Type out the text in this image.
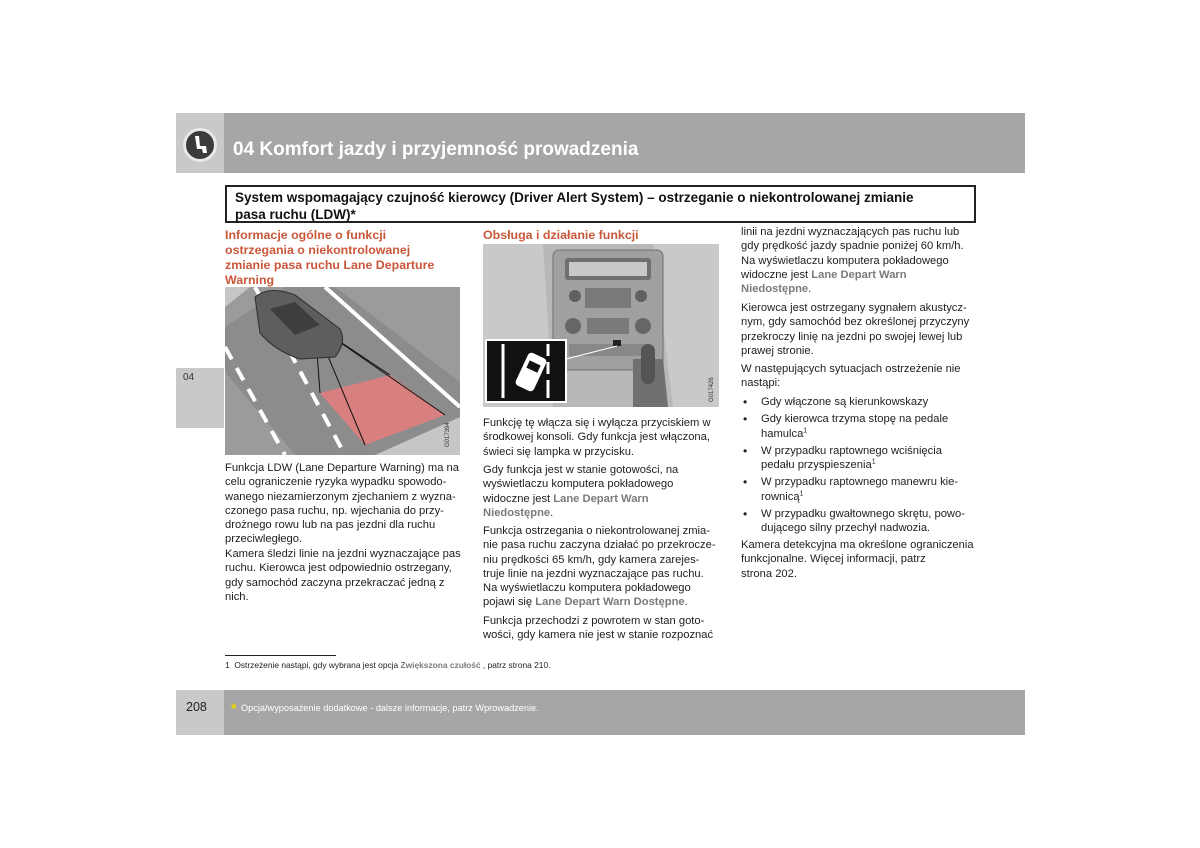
04 Komfort jazdy i przyjemność prowadzenia
04
System wspomagający czujność kierowcy (Driver Alert System) – ostrzeganie o niekontrolowanej zmianie
pasa ruchu (LDW)*
Informacje ogólne o funkcji
ostrzegania o niekontrolowanej
zmianie pasa ruchu Lane Departure
Warning
G017394
Funkcja LDW (Lane Departure Warning) ma na
celu ograniczenie ryzyka wypadku spowodo-
wanego niezamierzonym zjechaniem z wyzna-
czonego pasa ruchu, np. wjechania do przy-
drożnego rowu lub na pas jezdni dla ruchu
przeciwległego.
Kamera śledzi linie na jezdni wyznaczające pas
ruchu. Kierowca jest odpowiednio ostrzegany,
gdy samochód zaczyna przekraczać jedną z
nich.
Obsługa i działanie funkcji
G017426
Funkcję tę włącza się i wyłącza przyciskiem w
środkowej konsoli. Gdy funkcja jest włączona,
świeci się lampka w przycisku.
Gdy funkcja jest w stanie gotowości, na
wyświetlaczu komputera pokładowego
widoczne jest Lane Depart Warn
Niedostępne.
Funkcja ostrzegania o niekontrolowanej zmia-
nie pasa ruchu zaczyna działać po przekrocze-
niu prędkości 65 km/h, gdy kamera zarejes-
truje linie na jezdni wyznaczające pas ruchu.
Na wyświetlaczu komputera pokładowego
pojawi się Lane Depart Warn Dostępne.
Funkcja przechodzi z powrotem w stan goto-
wości, gdy kamera nie jest w stanie rozpoznać
linii na jezdni wyznaczających pas ruchu lub
gdy prędkość jazdy spadnie poniżej 60 km/h.
Na wyświetlaczu komputera pokładowego
widoczne jest Lane Depart Warn
Niedostępne.
Kierowca jest ostrzegany sygnałem akustycz-
nym, gdy samochód bez określonej przyczyny
przekroczy linię na jezdni po swojej lewej lub
prawej stronie.
W następujących sytuacjach ostrzeżenie nie
nastąpi:
• Gdy włączone są kierunkowskazy
• Gdy kierowca trzyma stopę na pedale
hamulca$^1$
• W przypadku raptownego wciśnięcia
pedału przyspieszenia$^1$
• W przypadku raptownego manewru kie-
rownicą$^1$
• W przypadku gwałtownego skrętu, powo-
dującego silny przechył nadwozia.
Kamera detekcyjna ma określone ograniczenia
funkcjonalne. Więcej informacji, patrz
strona 202.
1 Ostrzeżenie nastąpi, gdy wybrana jest opcja Zwiększona czułość , patrz strona 210.
208 * Opcja/wyposażenie dodatkowe - dalsze informacje, patrz Wprowadzenie.
